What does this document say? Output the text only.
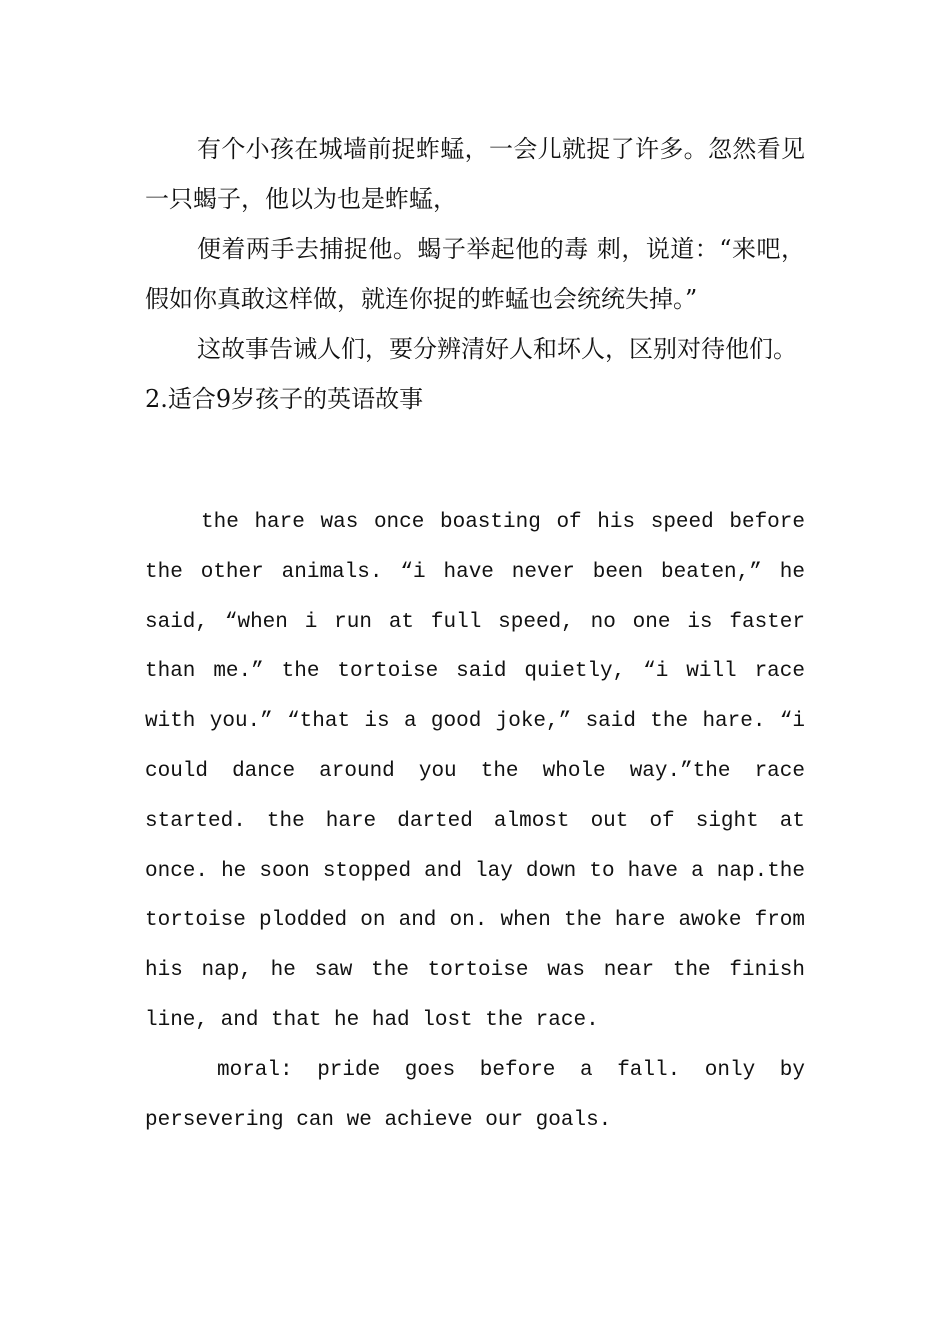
有个小孩在城墙前捉蚱蜢，一会儿就捉了许多。忽然看见一只蝎子，他以为也是蚱蜢，

便着两手去捕捉他。蝎子举起他的毒 刺，说道：“来吧，假如你真敢这样做，就连你捉的蚱蜢也会统统失掉。”

这故事告诫人们，要分辨清好人和坏人，区别对待他们。

2.适合9岁孩子的英语故事

the hare was once boasting of his speed before the other animals. “i have never been beaten,” he said, “when i run at full speed, no one is faster than me.” the tortoise said quietly, “i will race with you.” “that is a good joke,” said the hare. “i could dance around you the whole way.”the race started. the hare darted almost out of sight at once. he soon stopped and lay down to have a nap.the tortoise plodded on and on. when the hare awoke from his nap, he saw the tortoise was near the finish line, and that he had lost the race.

moral: pride goes before a fall. only by persevering can we achieve our goals.
